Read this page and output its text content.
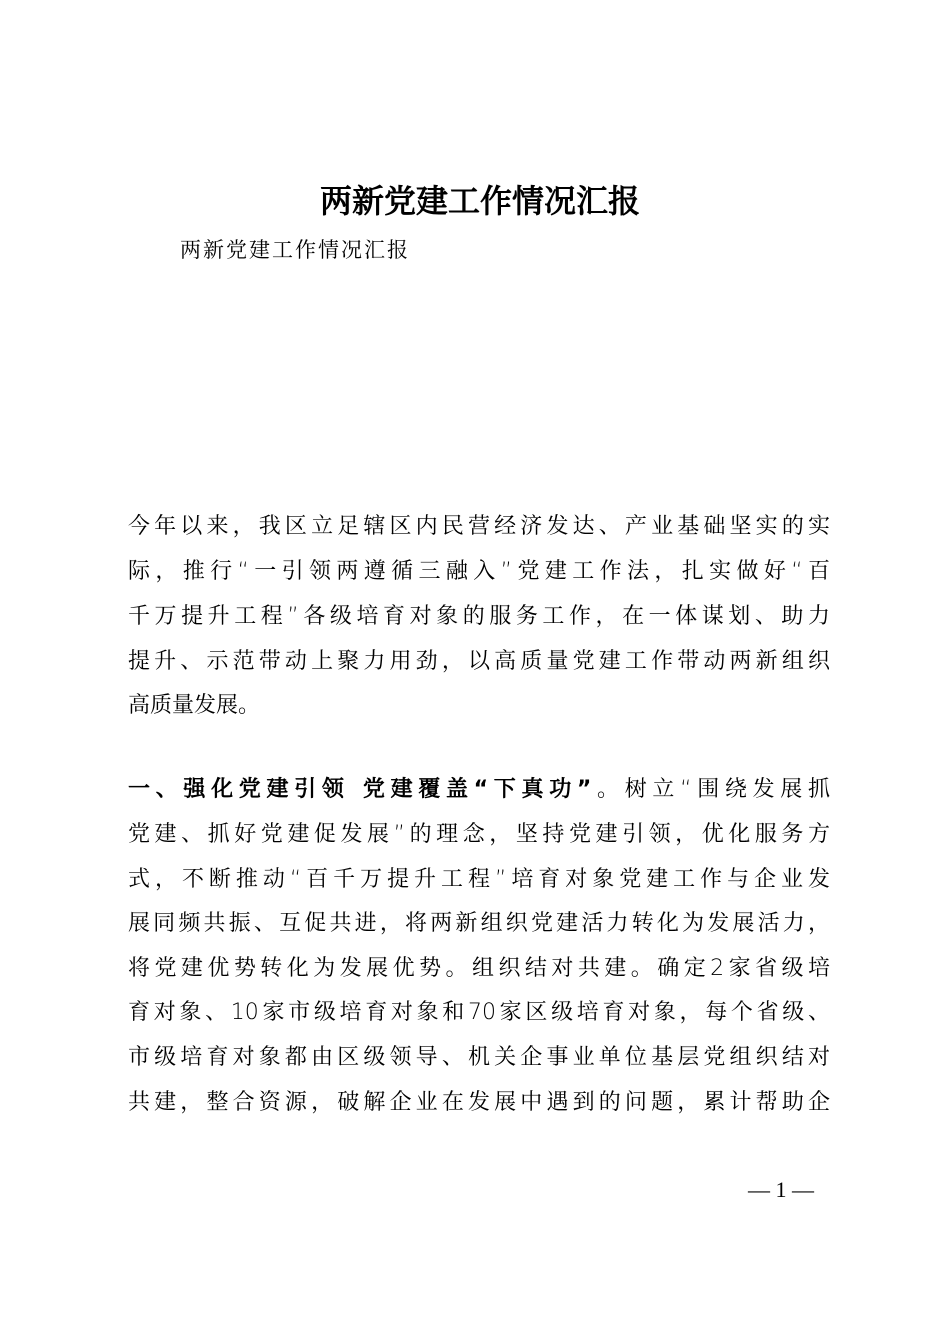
两新党建工作情况汇报
两新党建工作情况汇报
今年以来，我区立足辖区内民营经济发达、产业基础坚实的实
际，推行“一引领两遵循三融入”党建工作法，扎实做好“百
千万提升工程”各级培育对象的服务工作，在一体谋划、助力
提升、示范带动上聚力用劲，以高质量党建工作带动两新组织
高质量发展。
一、强化党建引领 党建覆盖“下真功”。树立“围绕发展抓
党建、抓好党建促发展”的理念，坚持党建引领，优化服务方
式，不断推动“百千万提升工程”培育对象党建工作与企业发
展同频共振、互促共进，将两新组织党建活力转化为发展活力，
将党建优势转化为发展优势。组织结对共建。确定2家省级培
育对象、10家市级培育对象和70家区级培育对象，每个省级、
市级培育对象都由区级领导、机关企事业单位基层党组织结对
共建，整合资源，破解企业在发展中遇到的问题，累计帮助企
— 1 —
